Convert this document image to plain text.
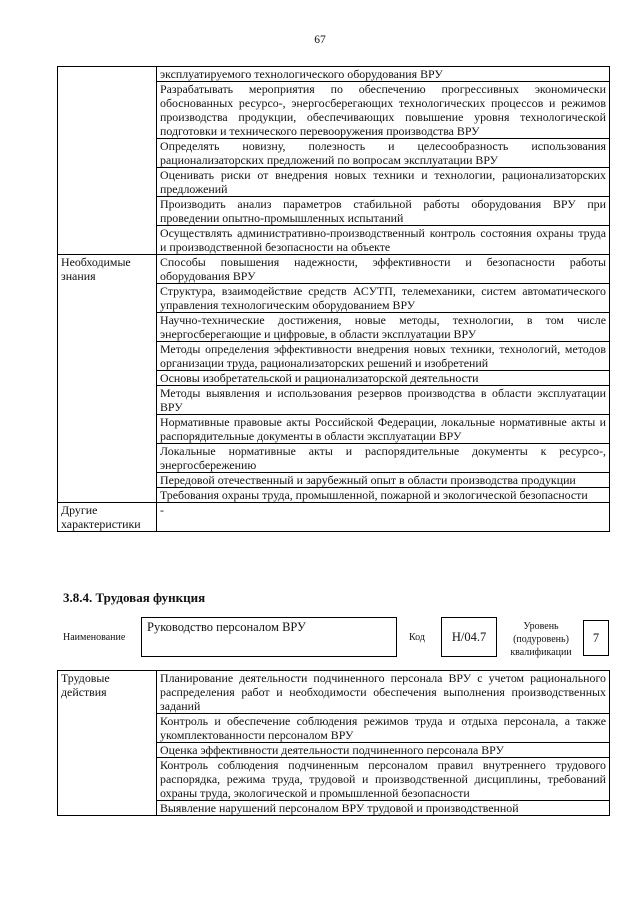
67

	эксплуатируемого технологического оборудования ВРУ

	Разрабатывать мероприятия по обеспечению прогрессивных экономически обоснованных ресурсо-, энергосберегающих технологических процессов и режимов производства продукции, обеспечивающих повышение уровня технологической подготовки и технического перевооружения производства ВРУ

	Определять новизну, полезность и целесообразность использования рационализаторских предложений по вопросам эксплуатации ВРУ

	Оценивать риски от внедрения новых техники и технологии, рационализаторских предложений

	Производить анализ параметров стабильной работы оборудования ВРУ при проведении опытно-промышленных испытаний

	Осуществлять административно-производственный контроль состояния охраны труда и производственной безопасности на объекте

Необходимые знания	Способы повышения надежности, эффективности и безопасности работы оборудования ВРУ

	Структура, взаимодействие средств АСУТП, телемеханики, систем автоматического управления технологическим оборудованием ВРУ

	Научно-технические достижения, новые методы, технологии, в том числе энергосберегающие и цифровые, в области эксплуатации ВРУ

	Методы определения эффективности внедрения новых техники, технологий, методов организации труда, рационализаторских решений и изобретений

	Основы изобретательской и рационализаторской деятельности

	Методы выявления и использования резервов производства в области эксплуатации ВРУ

	Нормативные правовые акты Российской Федерации, локальные нормативные акты и распорядительные документы в области эксплуатации ВРУ

	Локальные нормативные акты и распорядительные документы к ресурсо-, энергосбережению

	Передовой отечественный и зарубежный опыт в области производства продукции

	Требования охраны труда, промышленной, пожарной и экологической безопасности

Другие характеристики	-
3.8.4. Трудовая функция
Наименование
Руководство персоналом ВРУ
Код	H/04.7
Уровень (подуровень) квалификации
7
Трудовые действия	
Планирование деятельности подчиненного персонала ВРУ с учетом рационального распределения работ и необходимости обеспечения выполнения производственных заданий

Контроль и обеспечение соблюдения режимов труда и отдыха персонала, а также укомплектованности персоналом ВРУ

Оценка эффективности деятельности подчиненного персонала ВРУ

Контроль соблюдения подчиненным персоналом правил внутреннего трудового распорядка, режима труда, трудовой и производственной дисциплины, требований охраны труда, экологической и промышленной безопасности

Выявление нарушений персоналом ВРУ трудовой и производственной
